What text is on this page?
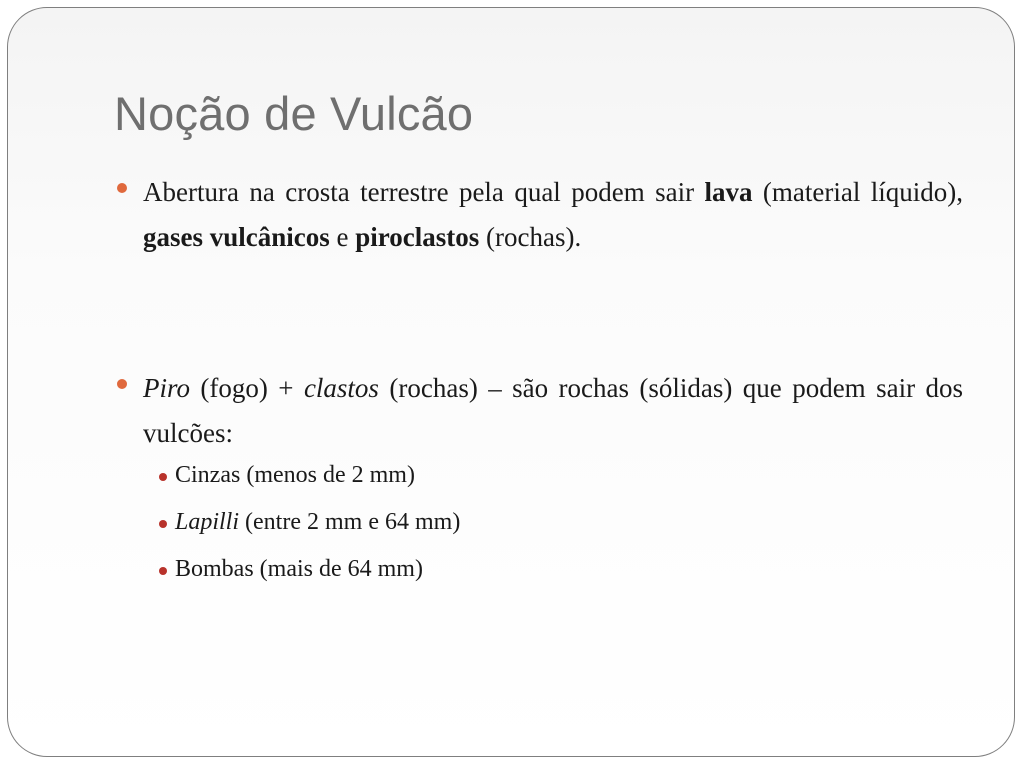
Noção de Vulcão

Abertura na crosta terrestre pela qual podem sair lava (material líquido), gases vulcânicos e piroclastos (rochas).

Piro (fogo) + clastos (rochas) – são rochas (sólidas) que podem sair dos vulcões:

Cinzas (menos de 2 mm)
Lapilli (entre 2 mm e 64 mm)
Bombas (mais de 64 mm)
